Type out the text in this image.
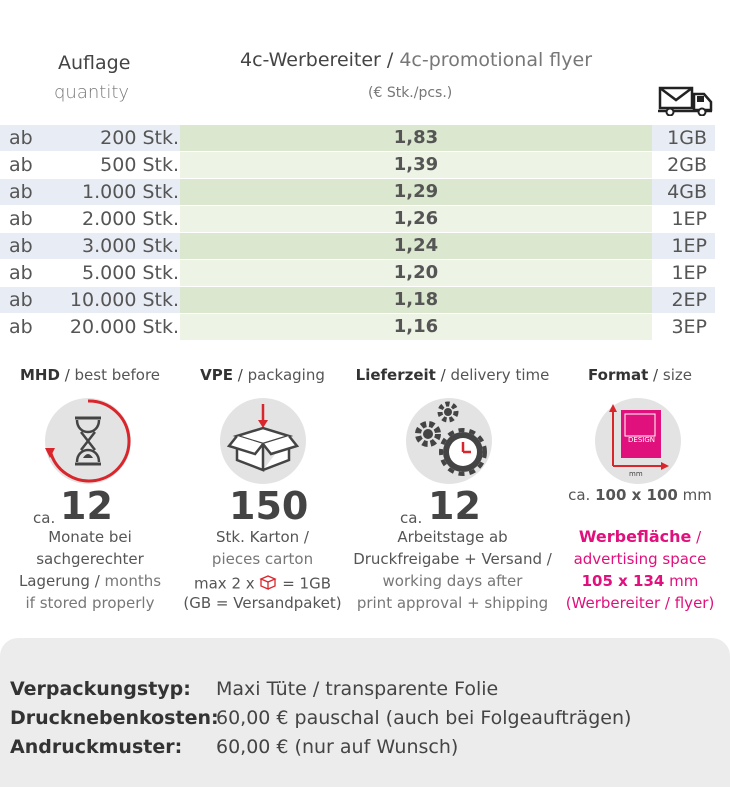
Auflage
quantity
4c-Werbereiter / 4c-promotional flyer
(€ Stk./pcs.)
ab	200 Stk.	1,83	1GB
ab	500 Stk.	1,39	2GB
ab	1.000 Stk.	1,29	4GB
ab	2.000 Stk.	1,26	1EP
ab	3.000 Stk.	1,24	1EP
ab	5.000 Stk.	1,20	1EP
ab	10.000 Stk.	1,18	2EP
ab	20.000 Stk.	1,16	3EP
MHD / best before	VPE / packaging	Lieferzeit / delivery time	Format / size
DESIGN
mm
ca. 12
Monate bei
sachgerechter
Lagerung / months
if stored properly
150
Stk. Karton /
pieces carton
max 2 x = 1GB
(GB = Versandpaket)
ca. 12
Arbeitstage ab
Druckfreigabe + Versand /
working days after
print approval + shipping
ca. 100 x 100 mm
Werbefläche /
advertising space
105 x 134 mm
(Werbereiter / flyer)
Verpackungstyp: Maxi Tüte / transparente Folie
Drucknebenkosten:60,00 € pauschal (auch bei Folgeaufträgen)
Andruckmuster: 60,00 € (nur auf Wunsch)
